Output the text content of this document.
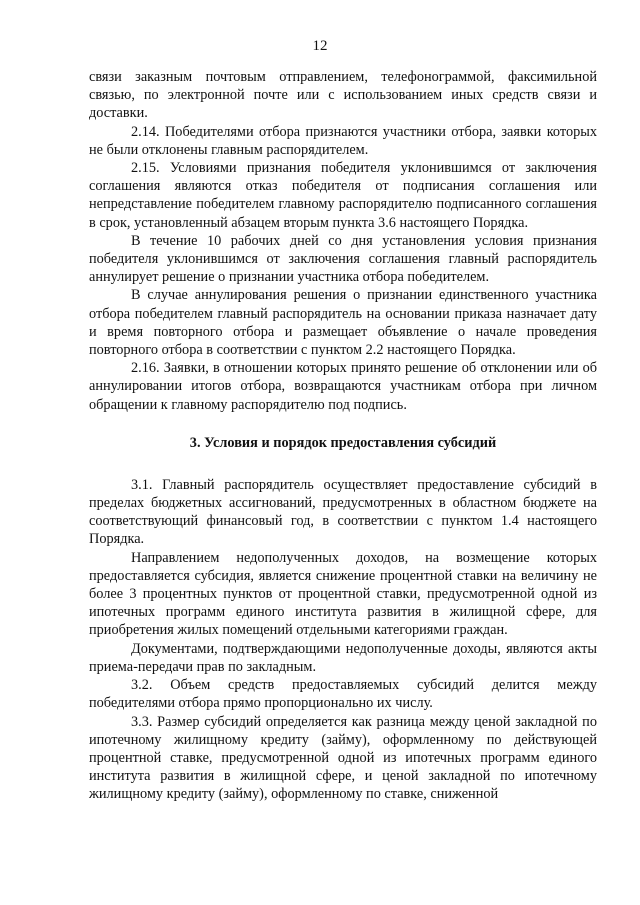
12

связи заказным почтовым отправлением, телефонограммой, факсимильной связью, по электронной почте или с использованием иных средств связи и доставки.

2.14. Победителями отбора признаются участники отбора, заявки которых не были отклонены главным распорядителем.

2.15. Условиями признания победителя уклонившимся от заключения соглашения являются отказ победителя от подписания соглашения или непредставление победителем главному распорядителю подписанного соглашения в срок, установленный абзацем вторым пункта 3.6 настоящего Порядка.

В течение 10 рабочих дней со дня установления условия признания победителя уклонившимся от заключения соглашения главный распорядитель аннулирует решение о признании участника отбора победителем.

В случае аннулирования решения о признании единственного участника отбора победителем главный распорядитель на основании приказа назначает дату и время повторного отбора и размещает объявление о начале проведения повторного отбора в соответствии с пунктом 2.2 настоящего Порядка.

2.16. Заявки, в отношении которых принято решение об отклонении или об аннулировании итогов отбора, возвращаются участникам отбора при личном обращении к главному распорядителю под подпись.

3. Условия и порядок предоставления субсидий

3.1. Главный распорядитель осуществляет предоставление субсидий в пределах бюджетных ассигнований, предусмотренных в областном бюджете на соответствующий финансовый год, в соответствии с пунктом 1.4 настоящего Порядка.

Направлением недополученных доходов, на возмещение которых предоставляется субсидия, является снижение процентной ставки на величину не более 3 процентных пунктов от процентной ставки, предусмотренной одной из ипотечных программ единого института развития в жилищной сфере, для приобретения жилых помещений отдельными категориями граждан.

Документами, подтверждающими недополученные доходы, являются акты приема-передачи прав по закладным.

3.2. Объем средств предоставляемых субсидий делится между победителями отбора прямо пропорционально их числу.

3.3. Размер субсидий определяется как разница между ценой закладной по ипотечному жилищному кредиту (займу), оформленному по действующей процентной ставке, предусмотренной одной из ипотечных программ единого института развития в жилищной сфере, и ценой закладной по ипотечному жилищному кредиту (займу), оформленному по ставке, сниженной
